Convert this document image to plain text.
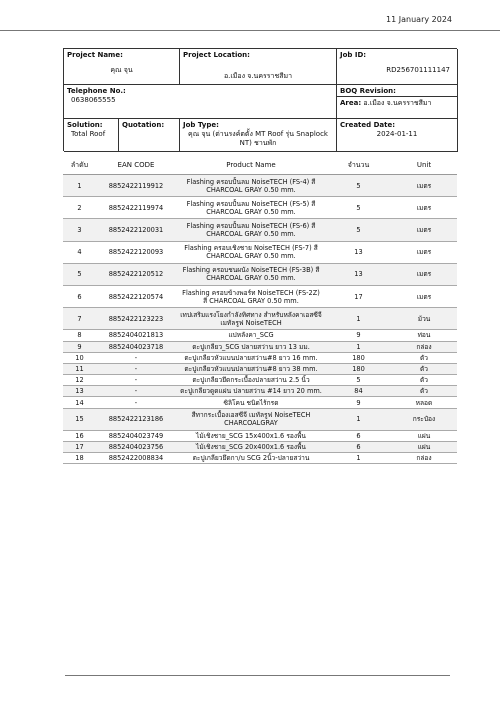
11 January 2024
Project Name:
คุณ จุน
Project Location:
อ.เมือง จ.นครราชสีมา
Job ID:
RD256701111147
Telephone No.:
0638065555
BOQ Revision:
Area: อ.เมือง จ.นครราชสีมา
Solution:
Total Roof
Quotation:	Job Type:
คุณ จุน (ต่านรงค์ตตั้ง MT Roof รุ่น Snaplock NT) ชานพัก
Created Date:
2024-01-11
ลำดับ	EAN CODE	Product Name	จำนวน	Unit
1	8852422119912	Flashing ครอบปั้นลม NoiseTECH (FS-4) สี CHARCOAL GRAY 0.50 mm.	5	เมตร
2	8852422119974	Flashing ครอบปั้นลม NoiseTECH (FS-5) สี CHARCOAL GRAY 0.50 mm.	5	เมตร
3	8852422120031	Flashing ครอบปั้นลม NoiseTECH (FS-6) สี CHARCOAL GRAY 0.50 mm.	5	เมตร
4	8852422120093	Flashing ครอบเชิงชาย NoiseTECH (FS-7) สี CHARCOAL GRAY 0.50 mm.	13	เมตร
5	8852422120512	Flashing ครอบชนผนัง NoiseTECH (FS-3B) สี CHARCOAL GRAY 0.50 mm.	13	เมตร
6	8852422120574	Flashing ครอบข้างพอร์ท NoiseTECH (FS-2Z) สี CHARCOAL GRAY 0.50 mm.	17	เมตร
7	8852422123223	เทปเสริมแรงโยงกำลังทิศทาง สำหรับหลังคาเอสซีจี เมทัลรูฟ NoiseTECH	1	ม้วน
8	8852404021813	แปหลังคา_SCG	9	ท่อน
9	8852404023718	ตะปูเกลียว_SCG ปลายสว่าน ยาว 13 มม.	1	กล่อง
10	-	ตะปูเกลียวหัวแบนปลายสว่าน#8 ยาว 16 mm.	180	ตัว
11	-	ตะปูเกลียวหัวแบนปลายสว่าน#8 ยาว 38 mm.	180	ตัว
12	-	ตะปูเกลียวยึดกระเบื้องปลายสว่าน 2.5 นิ้ว	5	ตัว
13	-	ตะปูเกลียวดูดแผ่น ปลายสว่าน #14 ยาว 20 mm.	84	ตัว
14	-	ซิลิโคน ชนิดไร้กรด	9	หลอด
15	8852422123186	สีทากระเบื้องเอสซีจี เมทัลรูฟ NoiseTECH CHARCOALGRAY	1	กระป๋อง
16	8852404023749	ไม้เชิงชาย_SCG 15x400x1.6 รองพื้น	6	แผ่น
17	8852404023756	ไม้เชิงชาย_SCG 20x400x1.6 รองพื้น	6	แผ่น
18	8852422008834	ตะปูเกลียวยึดกา/บ SCG 2นิ้ว-ปลายสว่าน	1	กล่อง
